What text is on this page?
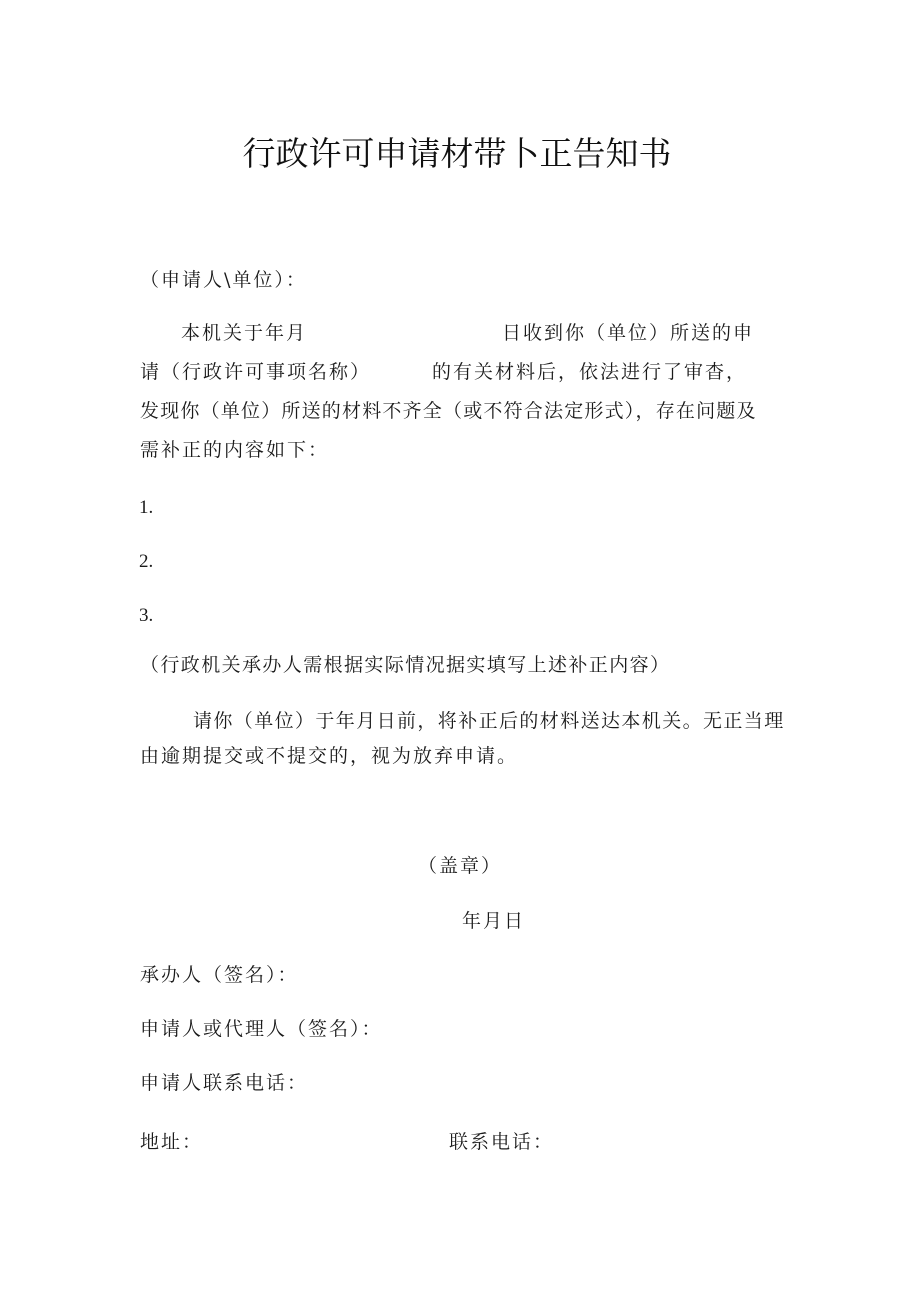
行政许可申请材带卜正告知书

（申请人\单位）：

本机关于年月	日收到你（单位）所送的申

请（行政许可事项名称）	的有关材料后，依法进行了审杳，

发现你（单位）所送的材料不齐全（或不符合法定形式），存在问题及

需补正的内容如下：

1.

2.

3.

（行政机关承办人需根据实际情况据实填写上述补正内容）

请你（单位）于年月日前，将补正后的材料送达本机关。无正当理

由逾期提交或不提交的，视为放弃申请。

（盖章）

年月日

承办人（签名）：

申请人或代理人（签名）：

申请人联系电话：

地址：	联系电话：
